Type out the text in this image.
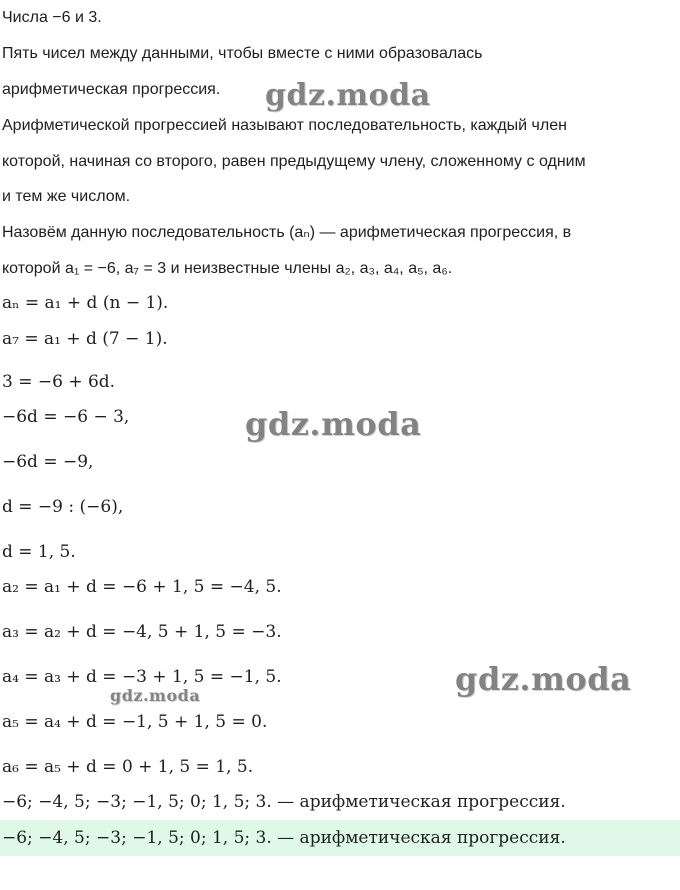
Числа −6 и 3.
Пять чисел между данными, чтобы вместе с ними образовалась
арифметическая прогрессия.
Арифметической прогрессией называют последовательность, каждый член
которой, начиная со второго, равен предыдущему члену, сложенному с одним
и тем же числом.
Назовём данную последовательность (aₙ) — арифметическая прогрессия, в
которой a₁ = −6, a₇ = 3 и неизвестные члены a₂, a₃, a₄, a₅, a₆.
aₙ = a₁ + d (n − 1).
a₇ = a₁ + d (7 − 1).
3 = −6 + 6d.
−6d = −6 − 3,
−6d = −9,
d = −9 : (−6),
d = 1, 5.
a₂ = a₁ + d = −6 + 1, 5 = −4, 5.
a₃ = a₂ + d = −4, 5 + 1, 5 = −3.
a₄ = a₃ + d = −3 + 1, 5 = −1, 5.
a₅ = a₄ + d = −1, 5 + 1, 5 = 0.
a₆ = a₅ + d = 0 + 1, 5 = 1, 5.
−6; −4, 5; −3; −1, 5; 0; 1, 5; 3. — арифметическая прогрессия.
−6; −4, 5; −3; −1, 5; 0; 1, 5; 3. — арифметическая прогрессия.
gdz.moda
gdz.moda
gdz.moda
gdz.moda
